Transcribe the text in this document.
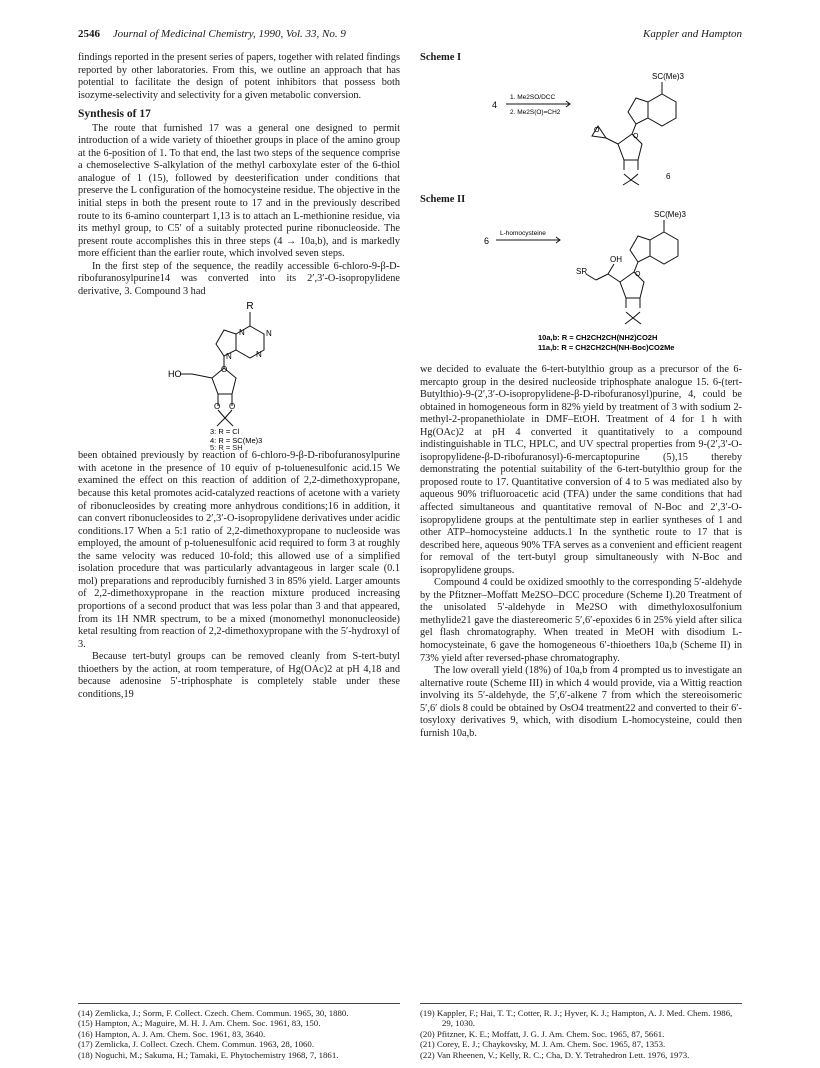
2546 Journal of Medicinal Chemistry, 1990, Vol. 33, No. 9	Kappler and Hampton

findings reported in the present series of papers, together with related findings reported by other laboratories. From this, we outline an approach that has potential to facilitate the design of potent inhibitors that possess both isozyme-selectivity and selectivity for a given metabolic conversion.

Synthesis of 17

The route that furnished 17 was a general one designed to permit introduction of a wide variety of thioether groups in place of the amino group at the 6-position of 1. To that end, the last two steps of the sequence comprise a chemoselective S-alkylation of the methyl carboxylate ester of the 6-thiol analogue of 1 (15), followed by deesterification under conditions that preserve the L configuration of the homocysteine residue. The objective in the initial steps in both the present route to 17 and in the previously described route to its 6-amino counterpart 1,13 is to attach an L-methionine residue, via its methyl group, to C5′ of a suitably protected purine ribonucleoside. The present route accomplishes this in three steps (4 → 10a,b), and is markedly more efficient than the earlier route, which involved seven steps.

In the first step of the sequence, the readily accessible 6-chloro-9-β-D-ribofuranosylpurine14 was converted into its 2′,3′-O-isopropylidene derivative, 3. Compound 3 had

R
HO
N	N
N
N
O O
O
3: R = Cl
4: R = SC(Me)3
5: R = SH

been obtained previously by reaction of 6-chloro-9-β-D-ribofuranosylpurine with acetone in the presence of 10 equiv of p-toluenesulfonic acid.15 We examined the effect on this reaction of addition of 2,2-dimethoxypropane, because this ketal promotes acid-catalyzed reactions of acetone with a variety of ribonucleosides by creating more anhydrous conditions;16 in addition, it can convert ribonucleosides to 2′,3′-O-isopropylidene derivatives under acidic conditions.17 When a 5:1 ratio of 2,2-dimethoxypropane to nucleoside was employed, the amount of p-toluenesulfonic acid required to form 3 at roughly the same velocity was reduced 10-fold; this allowed use of a simplified isolation procedure that was particularly advantageous in larger scale (0.1 mol) preparations and reproducibly furnished 3 in 85% yield. Larger amounts of 2,2-dimethoxypropane in the reaction mixture produced increasing proportions of a second product that was less polar than 3 and that appeared, from its 1H NMR spectrum, to be a mixed (monomethyl mononucleoside) ketal resulting from reaction of 2,2-dimethoxypropane with the 5′-hydroxyl of 3.

Because tert-butyl groups can be removed cleanly from S-tert-butyl thioethers by the action, at room temperature, of Hg(OAc)2 at pH 4,18 and because adenosine 5′-triphosphate is completely stable under these conditions,19

Scheme I
4
1. Me2SO/DCC
2. Me2S(O)=CH2
SC(Me)3
6
O
O
Scheme II
6
L-homocysteine
SC(Me)3
SR
OH
O
10a,b: R = CH2CH2CH(NH2)CO2H
11a,b: R = CH2CH2CH(NH-Boc)CO2Me

we decided to evaluate the 6-tert-butylthio group as a precursor of the 6-mercapto group in the desired nucleoside triphosphate analogue 15. 6-(tert-Butylthio)-9-(2′,3′-O-isopropylidene-β-D-ribofuranosyl)purine, 4, could be obtained in homogeneous form in 82% yield by treatment of 3 with sodium 2-methyl-2-propanethiolate in DMF–EtOH. Treatment of 4 for 1 h with Hg(OAc)2 at pH 4 converted it quantitatively to a compound indistinguishable in TLC, HPLC, and UV spectral properties from 9-(2′,3′-O-isopropylidene-β-D-ribofuranosyl)-6-mercaptopurine (5),15 thereby demonstrating the potential suitability of the 6-tert-butylthio group for the proposed route to 17. Quantitative conversion of 4 to 5 was mediated also by aqueous 90% trifluoroacetic acid (TFA) under the same conditions that had affected simultaneous and quantitative removal of N-Boc and 2′,3′-O-isopropylidene groups at the pentultimate step in earlier syntheses of 1 and other ATP–homocysteine adducts.1 In the synthetic route to 17 that is described here, aqueous 90% TFA serves as a convenient and efficient reagent for removal of the tert-butyl group simultaneously with N-Boc and isopropylidene groups.

Compound 4 could be oxidized smoothly to the corresponding 5′-aldehyde by the Pfitzner–Moffatt Me2SO–DCC procedure (Scheme I).20 Treatment of the unisolated 5′-aldehyde in Me2SO with dimethyloxosulfonium methylide21 gave the diastereomeric 5′,6′-epoxides 6 in 25% yield after silica gel flash chromatography. When treated in MeOH with disodium L-homocysteinate, 6 gave the homogeneous 6′-thioethers 10a,b (Scheme II) in 73% yield after reversed-phase chromatography.

The low overall yield (18%) of 10a,b from 4 prompted us to investigate an alternative route (Scheme III) in which 4 would provide, via a Wittig reaction involving its 5′-aldehyde, the 5′,6′-alkene 7 from which the stereoisomeric 5′,6′ diols 8 could be obtained by OsO4 treatment22 and converted to their 6′-tosyloxy derivatives 9, which, with disodium L-homocysteine, could then furnish 10a,b.

(14) Zemlicka, J.; Sorm, F. Collect. Czech. Chem. Commun. 1965, 30, 1880.

(15) Hampton, A.; Maguire, M. H. J. Am. Chem. Soc. 1961, 83, 150.

(16) Hampton, A. J. Am. Chem. Soc. 1961, 83, 3640.

(17) Zemlicka, J. Collect. Czech. Chem. Commun. 1963, 28, 1060.

(18) Noguchi, M.; Sakuma, H.; Tamaki, E. Phytochemistry 1968, 7, 1861.

(19) Kappler, F.; Hai, T. T.; Cotter, R. J.; Hyver, K. J.; Hampton, A. J. Med. Chem. 1986, 29, 1030.

(20) Pfitzner, K. E.; Moffatt, J. G. J. Am. Chem. Soc. 1965, 87, 5661.

(21) Corey, E. J.; Chaykovsky, M. J. Am. Chem. Soc. 1965, 87, 1353.

(22) Van Rheenen, V.; Kelly, R. C.; Cha, D. Y. Tetrahedron Lett. 1976, 1973.
